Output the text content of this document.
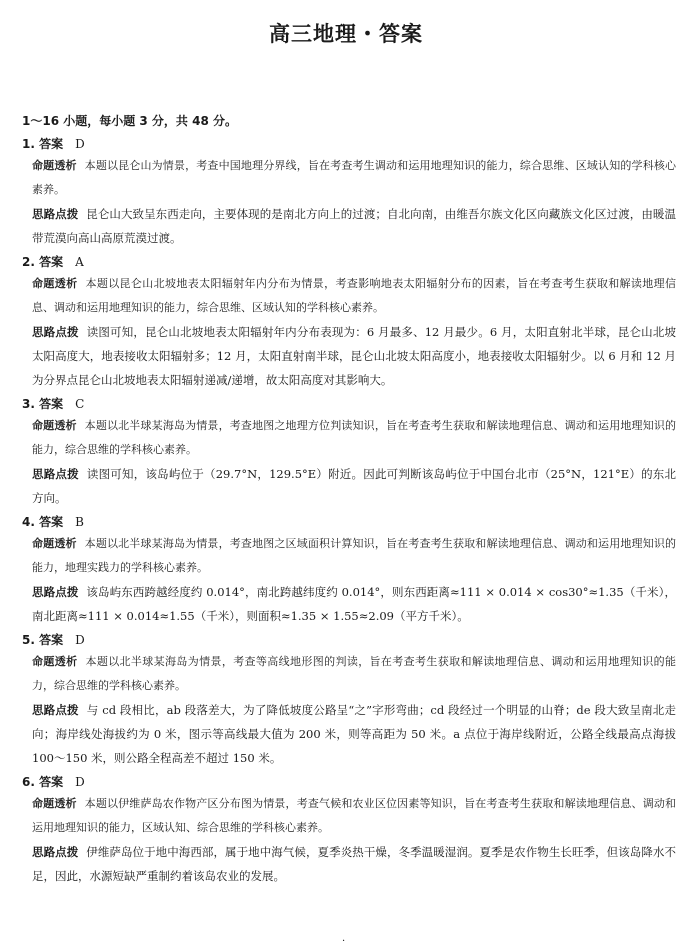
高三地理・答案
1～16 小题，每小题 3 分，共 48 分。
1. 答案 D
命题透析 本题以昆仑山为情景，考查中国地理分界线，旨在考查考生调动和运用地理知识的能力，综合思维、区域认知的学科核心素养。
思路点拨 昆仑山大致呈东西走向，主要体现的是南北方向上的过渡；自北向南，由维吾尔族文化区向藏族文化区过渡，由暖温带荒漠向高山高原荒漠过渡。
2. 答案 A
命题透析 本题以昆仑山北坡地表太阳辐射年内分布为情景，考查影响地表太阳辐射分布的因素，旨在考查考生获取和解读地理信息、调动和运用地理知识的能力，综合思维、区域认知的学科核心素养。
思路点拨 读图可知，昆仑山北坡地表太阳辐射年内分布表现为：6 月最多、12 月最少。6 月，太阳直射北半球，昆仑山北坡太阳高度大，地表接收太阳辐射多；12 月，太阳直射南半球，昆仑山北坡太阳高度小，地表接收太阳辐射少。以 6 月和 12 月为分界点昆仑山北坡地表太阳辐射递减/递增，故太阳高度对其影响大。
3. 答案 C
命题透析 本题以北半球某海岛为情景，考查地图之地理方位判读知识，旨在考查考生获取和解读地理信息、调动和运用地理知识的能力，综合思维的学科核心素养。
思路点拨 读图可知，该岛屿位于（29.7°N，129.5°E）附近。因此可判断该岛屿位于中国台北市（25°N，121°E）的东北方向。
4. 答案 B
命题透析 本题以北半球某海岛为情景，考查地图之区域面积计算知识，旨在考查考生获取和解读地理信息、调动和运用地理知识的能力，地理实践力的学科核心素养。
思路点拨 该岛屿东西跨越经度约 0.014°，南北跨越纬度约 0.014°，则东西距离≈111 × 0.014 × cos30°≈1.35（千米），南北距离≈111 × 0.014≈1.55（千米），则面积≈1.35 × 1.55≈2.09（平方千米）。
5. 答案 D
命题透析 本题以北半球某海岛为情景，考查等高线地形图的判读，旨在考查考生获取和解读地理信息、调动和运用地理知识的能力，综合思维的学科核心素养。
思路点拨 与 cd 段相比，ab 段落差大，为了降低坡度公路呈“之”字形弯曲；cd 段经过一个明显的山脊；de 段大致呈南北走向；海岸线处海拔约为 0 米，图示等高线最大值为 200 米，则等高距为 50 米。a 点位于海岸线附近，公路全线最高点海拔 100～150 米，则公路全程高差不超过 150 米。
6. 答案 D
命题透析 本题以伊维萨岛农作物产区分布图为情景，考查气候和农业区位因素等知识，旨在考查考生获取和解读地理信息、调动和运用地理知识的能力，区域认知、综合思维的学科核心素养。
思路点拨 伊维萨岛位于地中海西部，属于地中海气候，夏季炎热干燥，冬季温暖湿润。夏季是农作物生长旺季，但该岛降水不足，因此，水源短缺严重制约着该岛农业的发展。
·
